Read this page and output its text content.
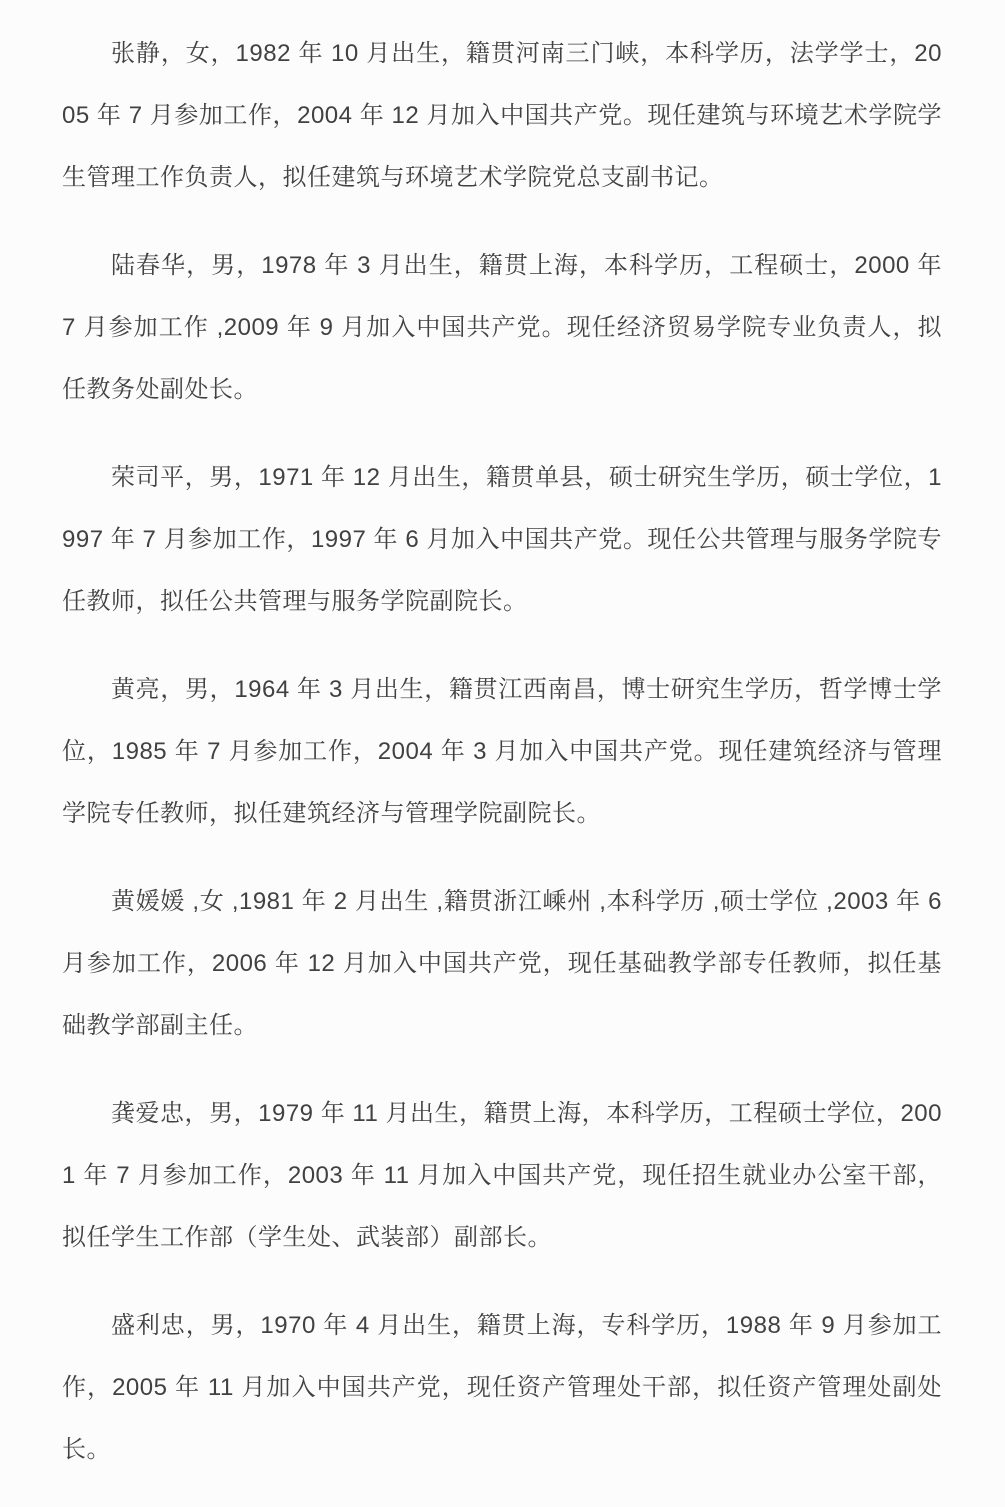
张静，女，1982 年 10 月出生，籍贯河南三门峡，本科学历，法学学士，2005 年 7 月参加工作，2004 年 12 月加入中国共产党。现任建筑与环境艺术学院学生管理工作负责人，拟任建筑与环境艺术学院党总支副书记。

陆春华，男，1978 年 3 月出生，籍贯上海，本科学历，工程硕士，2000 年 7 月参加工作 ,2009 年 9 月加入中国共产党。现任经济贸易学院专业负责人，拟任教务处副处长。

荣司平，男，1971 年 12 月出生，籍贯单县，硕士研究生学历，硕士学位，1997 年 7 月参加工作，1997 年 6 月加入中国共产党。现任公共管理与服务学院专任教师，拟任公共管理与服务学院副院长。

黄亮，男，1964 年 3 月出生，籍贯江西南昌，博士研究生学历，哲学博士学位，1985 年 7 月参加工作，2004 年 3 月加入中国共产党。现任建筑经济与管理学院专任教师，拟任建筑经济与管理学院副院长。

黄媛媛 ,女 ,1981 年 2 月出生 ,籍贯浙江嵊州 ,本科学历 ,硕士学位 ,2003 年 6 月参加工作，2006 年 12 月加入中国共产党，现任基础教学部专任教师，拟任基础教学部副主任。

龚爱忠，男，1979 年 11 月出生，籍贯上海，本科学历，工程硕士学位，2001 年 7 月参加工作，2003 年 11 月加入中国共产党，现任招生就业办公室干部，拟任学生工作部（学生处、武装部）副部长。

盛利忠，男，1970 年 4 月出生，籍贯上海，专科学历，1988 年 9 月参加工作，2005 年 11 月加入中国共产党，现任资产管理处干部，拟任资产管理处副处长。
